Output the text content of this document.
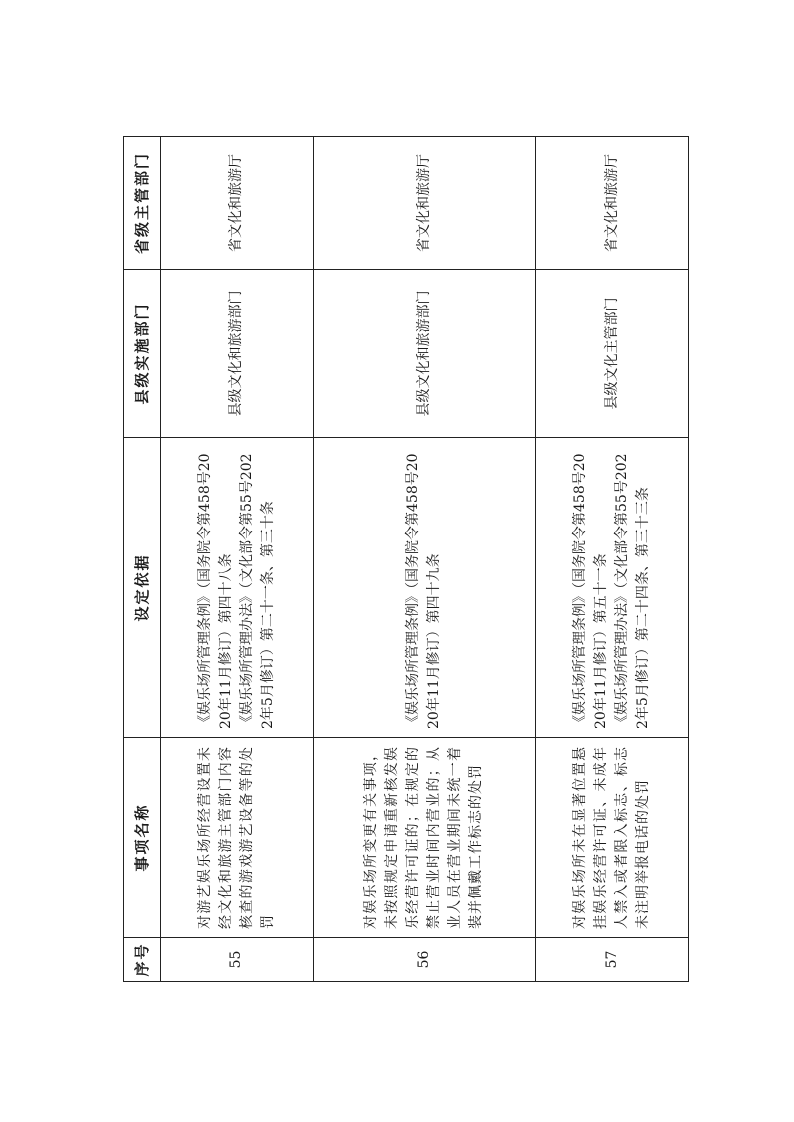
序号	事项名称	设定依据	县级实施部门	省级主管部门
55	对游艺娱乐场所经营设置未经文化和旅游主管部门内容核查的游戏游艺设备等的处罚	《娱乐场所管理条例》（国务院令第458号2020年11月修订）第四十八条 《娱乐场所管理办法》（文化部令第55号2022年5月修订）第二十一条、第三十条	县级文化和旅游部门	省文化和旅游厅
56	对娱乐场所变更有关事项，未按照规定申请重新核发娱乐经营许可证的；在规定的禁止营业时间内营业的；从业人员在营业期间未统一着装并佩戴工作标志的处罚	《娱乐场所管理条例》（国务院令第458号2020年11月修订）第四十九条	县级文化和旅游部门	省文化和旅游厅
57	对娱乐场所未在显著位置悬挂娱乐经营许可证、未成年人禁入或者限入标志、标志未注明举报电话的处罚	《娱乐场所管理条例》（国务院令第458号2020年11月修订）第五十一条 《娱乐场所管理办法》（文化部令第55号2022年5月修订）第二十四条、第三十三条	县级文化主管部门	省文化和旅游厅
